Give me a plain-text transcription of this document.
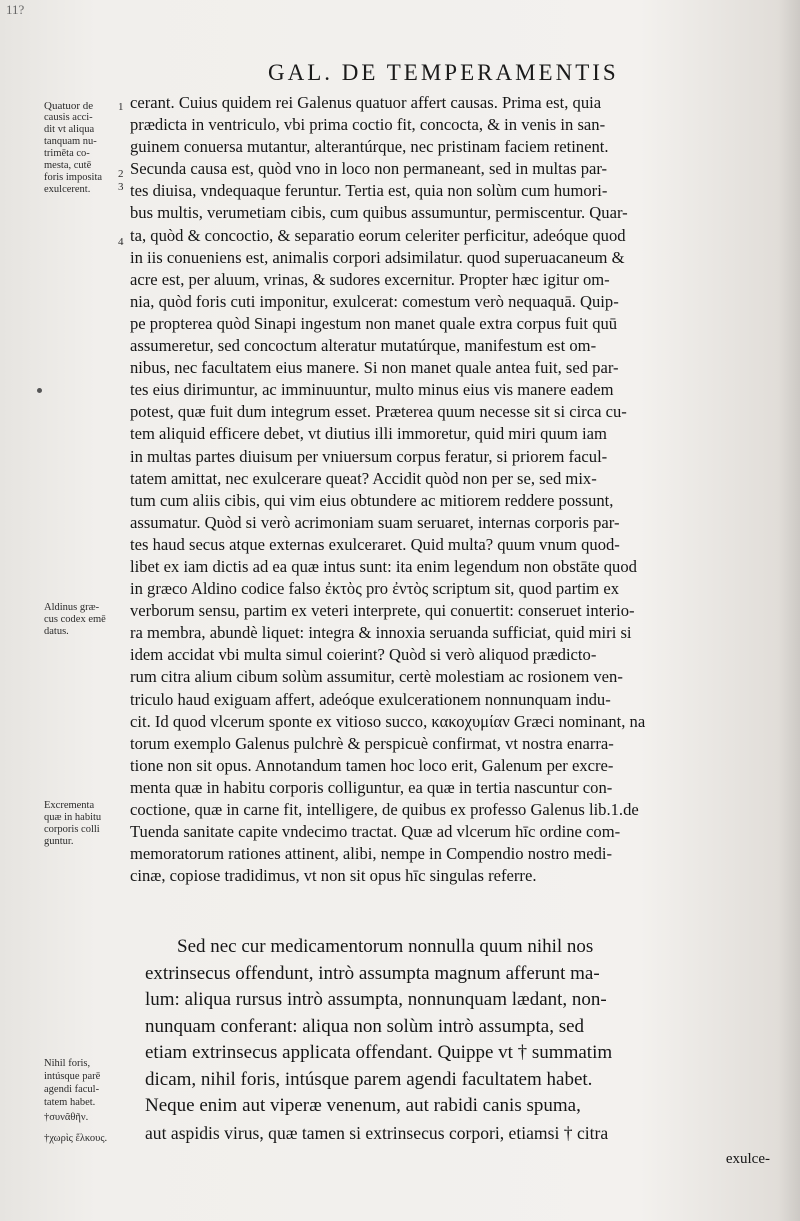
11?
GAL. DE TEMPERAMENTIS
Quatuor de
causis acci-
dit vt aliqua
tanquam nu-
trimēta co-
mesta, cutē
foris imposita
exulcerent.
1
2
3
4
Aldinus græ-
cus codex emē
datus.
Excrementa
quæ in habitu
corporis colli
guntur.
Nihil foris,
intúsque parē
agendi facul-
tatem habet.
†συνᾶθῆν.
†χωρὶς ἕλκους.
cerant. Cuius quidem rei Galenus quatuor affert causas. Prima est, quia
prædicta in ventriculo, vbi prima coctio fit, concocta, & in venis in san-
guinem conuersa mutantur, alterantúrque, nec pristinam faciem retinent.
Secunda causa est, quòd vno in loco non permaneant, sed in multas par-
tes diuisa, vndequaque feruntur. Tertia est, quia non solùm cum humori-
bus multis, verumetiam cibis, cum quibus assumuntur, permiscentur. Quar-
ta, quòd & concoctio, & separatio eorum celeriter perficitur, adeóque quod
in iis conueniens est, animalis corpori adsimilatur. quod superuacaneum &
acre est, per aluum, vrinas, & sudores excernitur. Propter hæc igitur om-
nia, quòd foris cuti imponitur, exulcerat: comestum verò nequaquā. Quip-
pe propterea quòd Sinapi ingestum non manet quale extra corpus fuit quū
assumeretur, sed concoctum alteratur mutatúrque, manifestum est om-
nibus, nec facultatem eius manere. Si non manet quale antea fuit, sed par-
tes eius dirimuntur, ac imminuuntur, multo minus eius vis manere eadem
potest, quæ fuit dum integrum esset. Præterea quum necesse sit si circa cu-
tem aliquid efficere debet, vt diutius illi immoretur, quid miri quum iam
in multas partes diuisum per vniuersum corpus feratur, si priorem facul-
tatem amittat, nec exulcerare queat? Accidit quòd non per se, sed mix-
tum cum aliis cibis, qui vim eius obtundere ac mitiorem reddere possunt,
assumatur. Quòd si verò acrimoniam suam seruaret, internas corporis par-
tes haud secus atque externas exulceraret. Quid multa? quum vnum quod-
libet ex iam dictis ad ea quæ intus sunt: ita enim legendum non obstāte quod
in græco Aldino codice falso ἐκτὸς pro ἐντὸς scriptum sit, quod partim ex
verborum sensu, partim ex veteri interprete, qui conuertit: conseruet interio-
ra membra, abundè liquet: integra & innoxia seruanda sufficiat, quid miri si
idem accidat vbi multa simul coierint? Quòd si verò aliquod prædicto-
rum citra alium cibum solùm assumitur, certè molestiam ac rosionem ven-
triculo haud exiguam affert, adeóque exulcerationem nonnunquam indu-
cit. Id quod vlcerum sponte ex vitioso succo, κακοχυμίαν Græci nominant, na
torum exemplo Galenus pulchrè & perspicuè confirmat, vt nostra enarra-
tione non sit opus. Annotandum tamen hoc loco erit, Galenum per excre-
menta quæ in habitu corporis colliguntur, ea quæ in tertia nascuntur con-
coctione, quæ in carne fit, intelligere, de quibus ex professo Galenus lib.1.de
Tuenda sanitate capite vndecimo tractat. Quæ ad vlcerum hīc ordine com-
memoratorum rationes attinent, alibi, nempe in Compendio nostro medi-
cinæ, copiose tradidimus, vt non sit opus hīc singulas referre.
Sed nec cur medicamentorum nonnulla quum nihil nos
extrinsecus offendunt, intrò assumpta magnum afferunt ma-
lum: aliqua rursus intrò assumpta, nonnunquam lædant, non-
nunquam conferant: aliqua non solùm intrò assumpta, sed
etiam extrinsecus applicata offendant. Quippe vt † summatim
dicam, nihil foris, intúsque parem agendi facultatem habet.
Neque enim aut viperæ venenum, aut rabidi canis spuma,
aut aspidis virus, quæ tamen si extrinsecus corpori, etiamsi † citra
exulce-
